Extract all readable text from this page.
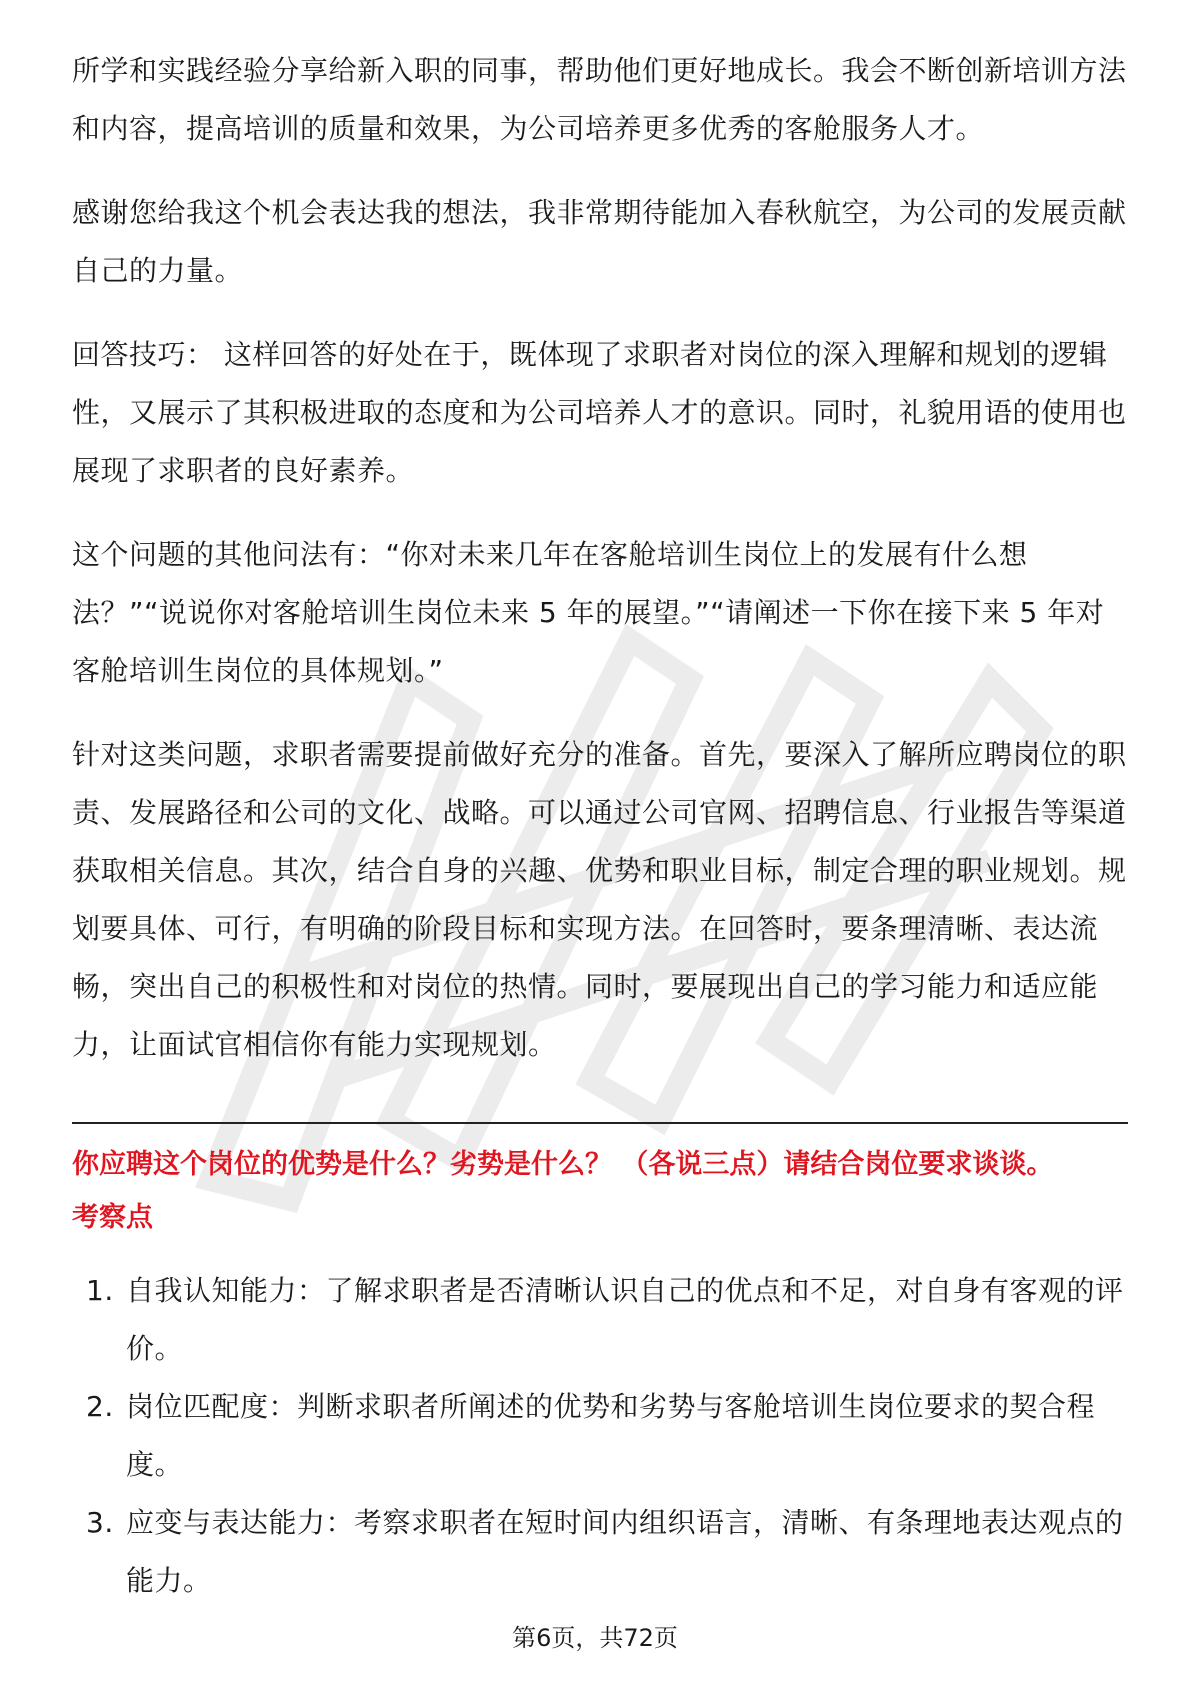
所学和实践经验分享给新入职的同事，帮助他们更好地成长。我会不断创新培训方法和内容，提高培训的质量和效果，为公司培养更多优秀的客舱服务人才。

感谢您给我这个机会表达我的想法，我非常期待能加入春秋航空，为公司的发展贡献自己的力量。

回答技巧： 这样回答的好处在于，既体现了求职者对岗位的深入理解和规划的逻辑性，又展示了其积极进取的态度和为公司培养人才的意识。同时，礼貌用语的使用也展现了求职者的良好素养。

这个问题的其他问法有：“你对未来几年在客舱培训生岗位上的发展有什么想法？”“说说你对客舱培训生岗位未来 5 年的展望。”“请阐述一下你在接下来 5 年对客舱培训生岗位的具体规划。”

针对这类问题，求职者需要提前做好充分的准备。首先，要深入了解所应聘岗位的职责、发展路径和公司的文化、战略。可以通过公司官网、招聘信息、行业报告等渠道获取相关信息。其次，结合自身的兴趣、优势和职业目标，制定合理的职业规划。规划要具体、可行，有明确的阶段目标和实现方法。在回答时，要条理清晰、表达流畅，突出自己的积极性和对岗位的热情。同时，要展现出自己的学习能力和适应能力，让面试官相信你有能力实现规划。

你应聘这个岗位的优势是什么？劣势是什么？ （各说三点）请结合岗位要求谈谈。

考察点

1. 自我认知能力：了解求职者是否清晰认识自己的优点和不足，对自身有客观的评价。
2. 岗位匹配度：判断求职者所阐述的优势和劣势与客舱培训生岗位要求的契合程度。
3. 应变与表达能力：考察求职者在短时间内组织语言，清晰、有条理地表达观点的能力。
第6页，共72页
